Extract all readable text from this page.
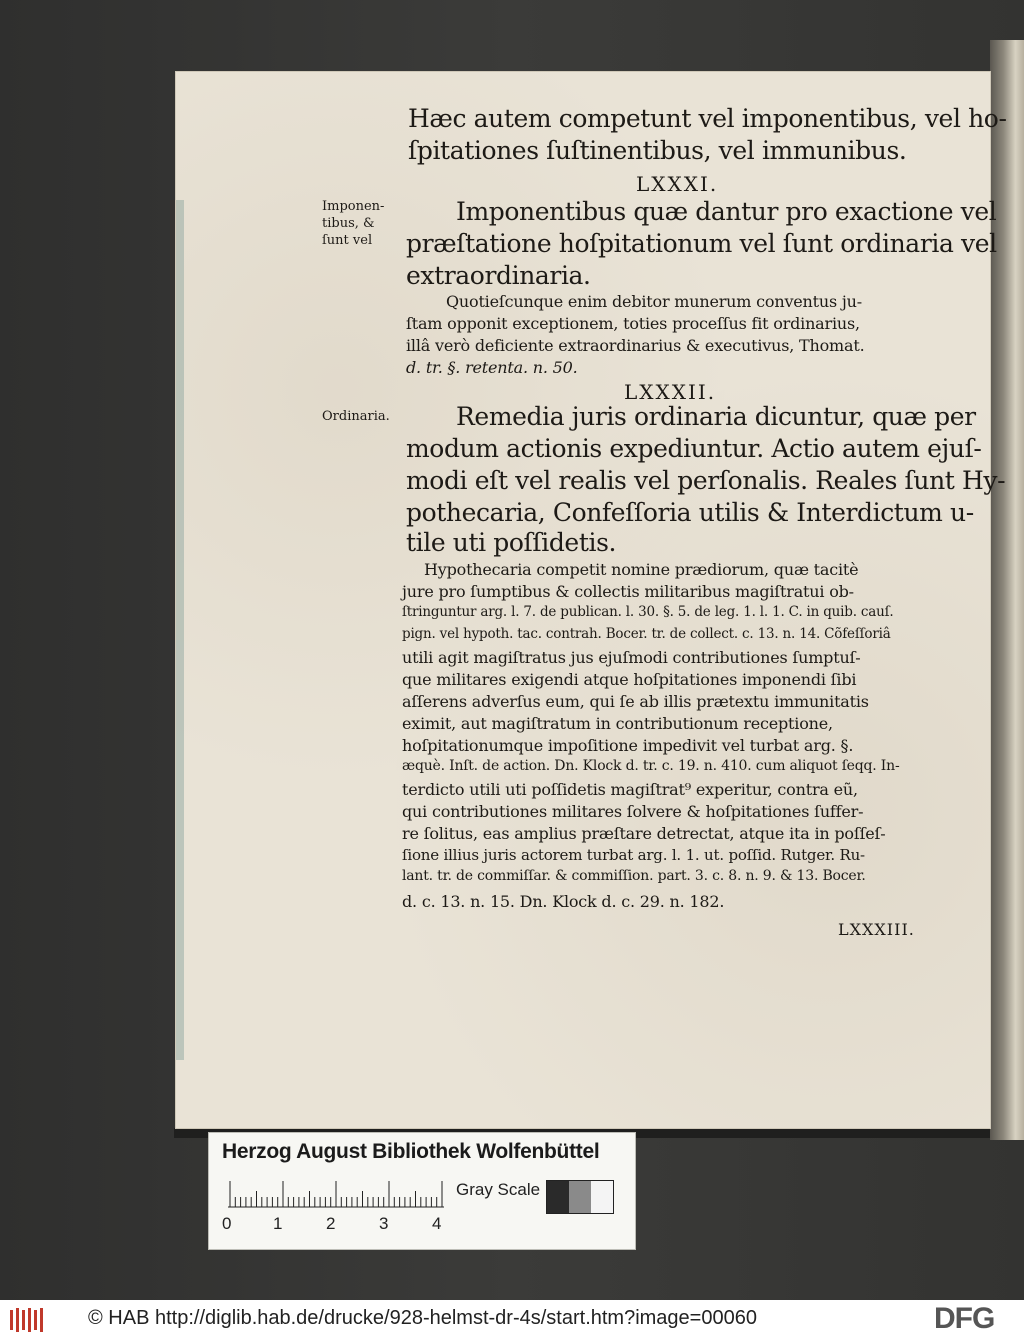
Imponen-
tibus, &
ſunt vel
Ordinaria.
Hæc autem competunt vel imponentibus, vel ho-
ſpitationes ſuſtinentibus, vel immunibus.
LXXXI.
Imponentibus quæ dantur pro exactione vel
præſtatione hoſpitationum vel ſunt ordinaria vel
extraordinaria.
Quotieſcunque enim debitor munerum conventus ju-
ſtam opponit exceptionem, toties proceſſus fit ordinarius,
illâ verò deficiente extraordinarius & executivus, Thomat.
d. tr. §. retenta. n. 50.
LXXXII.
Remedia juris ordinaria dicuntur, quæ per
modum actionis expediuntur. Actio autem ejuſ-
modi eſt vel realis vel perſonalis. Reales ſunt Hy-
pothecaria, Confeſſoria utilis & Interdictum u-
tile uti poſſidetis.
Hypothecaria competit nomine prædiorum, quæ tacitè
jure pro ſumptibus & collectis militaribus magiſtratui ob-
ſtringuntur arg. l. 7. de publican. l. 30. §. 5. de leg. 1. l. 1. C. in quib. cauſ.
pign. vel hypoth. tac. contrah. Bocer. tr. de collect. c. 13. n. 14. Cõfeſſoriâ
utili agit magiſtratus jus ejuſmodi contributiones ſumptuſ-
que militares exigendi atque hoſpitationes imponendi ſibi
aſſerens adverſus eum, qui ſe ab illis prætextu immunitatis
eximit, aut magiſtratum in contributionum receptione,
hoſpitationumque impoſitione impedivit vel turbat arg. §.
æquè. Inſt. de action. Dn. Klock d. tr. c. 19. n. 410. cum aliquot ſeqq. In-
terdicto utili uti poſſidetis magiſtrat⁹ experitur, contra eũ,
qui contributiones militares ſolvere & hoſpitationes ſuffer-
re ſolitus, eas amplius præſtare detrectat, atque ita in poſſeſ-
ſione illius juris actorem turbat arg. l. 1. ut. poſſid. Rutger. Ru-
lant. tr. de commiſſar. & commiſſion. part. 3. c. 8. n. 9. & 13. Bocer.
d. c. 13. n. 15. Dn. Klock d. c. 29. n. 182.
LXXXIII.
Herzog August Bibliothek Wolfenbüttel
0 1	2	3	4
Gray Scale
© HAB http://diglib.hab.de/drucke/928-helmst-dr-4s/start.htm?image=00060	DFG
